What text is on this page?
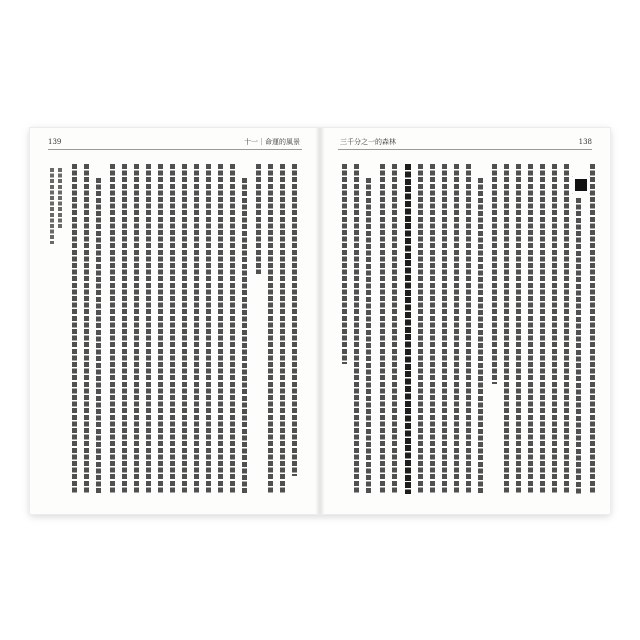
139	十一｜命運的風景	三千分之一的森林	138
